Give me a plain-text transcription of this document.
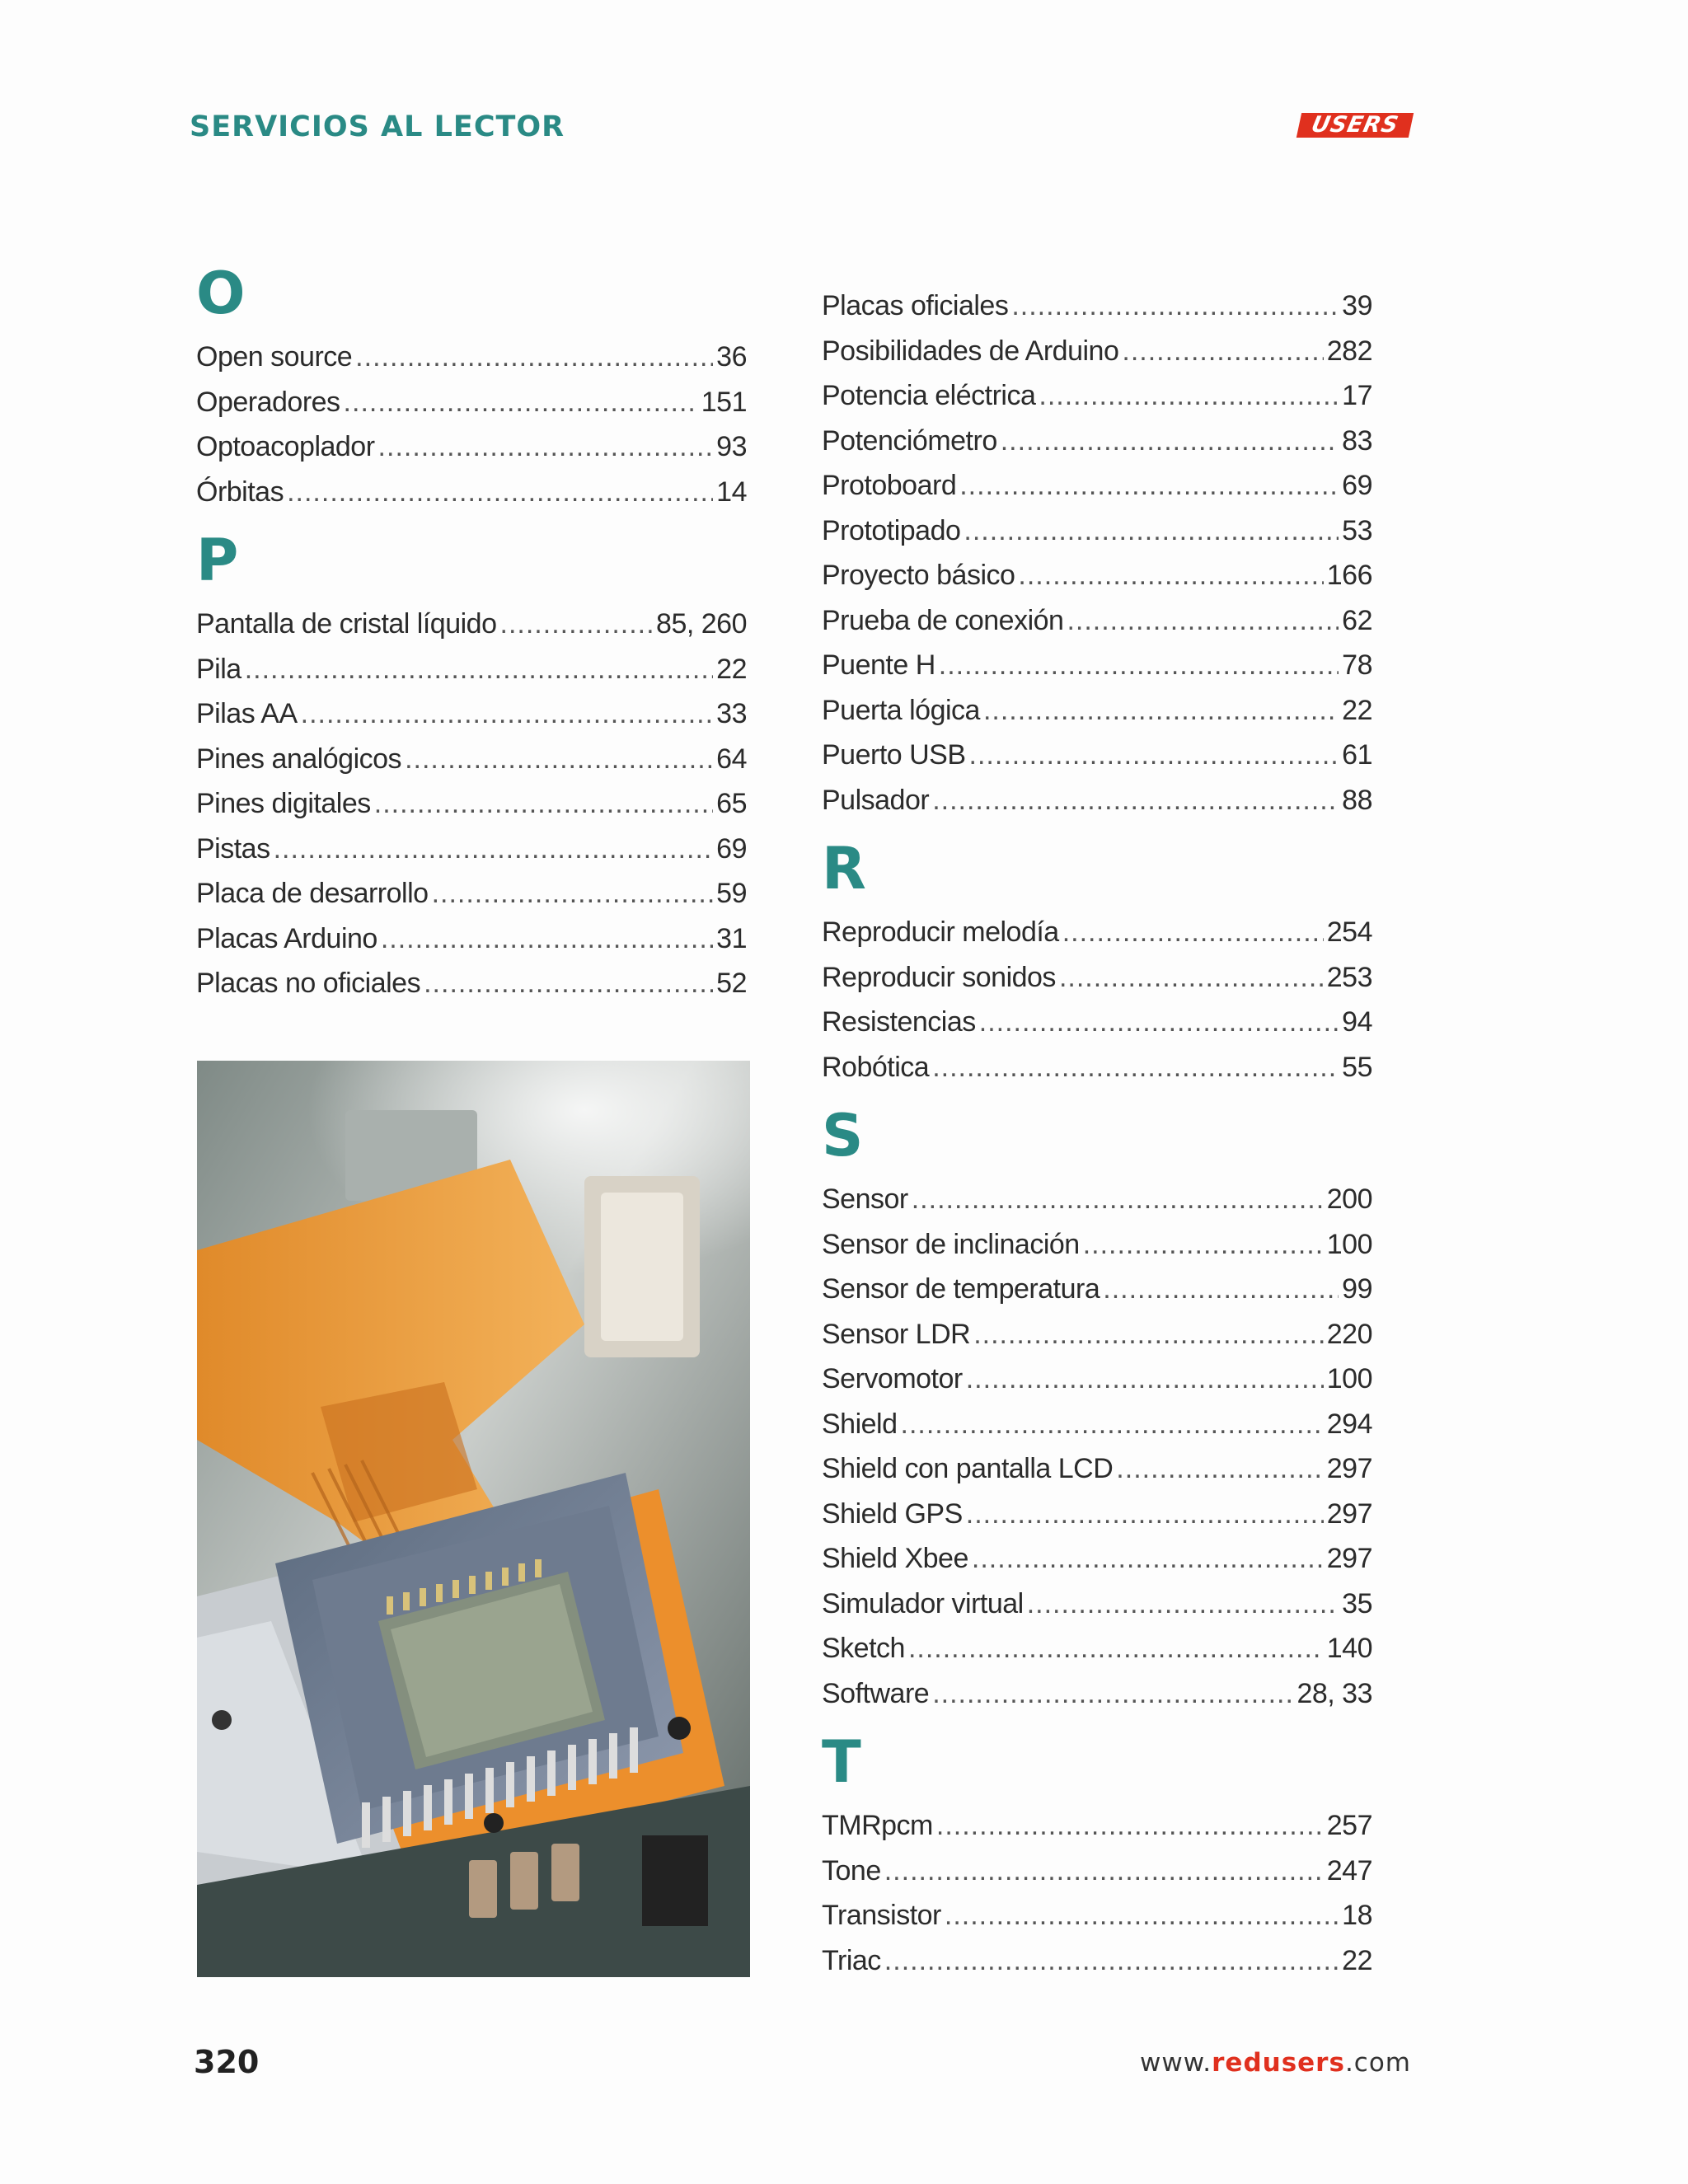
SERVICIOS AL LECTOR	USERS
O
Open source .....	36
Operadores .....	151
Optoacoplador .....	93
Órbitas .....	14
P
Pantalla de cristal líquido .....	85, 260
Pila .....	22
Pilas AA .....	33
Pines analógicos .....	64
Pines digitales .....	65
Pistas .....	69
Placa de desarrollo .....	59
Placas Arduino .....	31
Placas no oficiales .....	52
Placas oficiales .....	39
Posibilidades de Arduino .....	282
Potencia eléctrica .....	17
Potenciómetro .....	83
Protoboard .....	69
Prototipado .....	53
Proyecto básico .....	166
Prueba de conexión .....	62
Puente H .....	78
Puerta lógica .....	22
Puerto USB .....	61
Pulsador .....	88
R
Reproducir melodía .....	254
Reproducir sonidos .....	253
Resistencias .....	94
Robótica .....	55
S
Sensor .....	200
Sensor de inclinación .....	100
Sensor de temperatura .....	99
Sensor LDR .....	220
Servomotor .....	100
Shield .....	294
Shield con pantalla LCD .....	297
Shield GPS .....	297
Shield Xbee .....	297
Simulador virtual .....	35
Sketch .....	140
Software .....	28, 33
T
TMRpcm .....	257
Tone .....	247
Transistor .....	18
Triac .....	22
320	www.redusers.com
